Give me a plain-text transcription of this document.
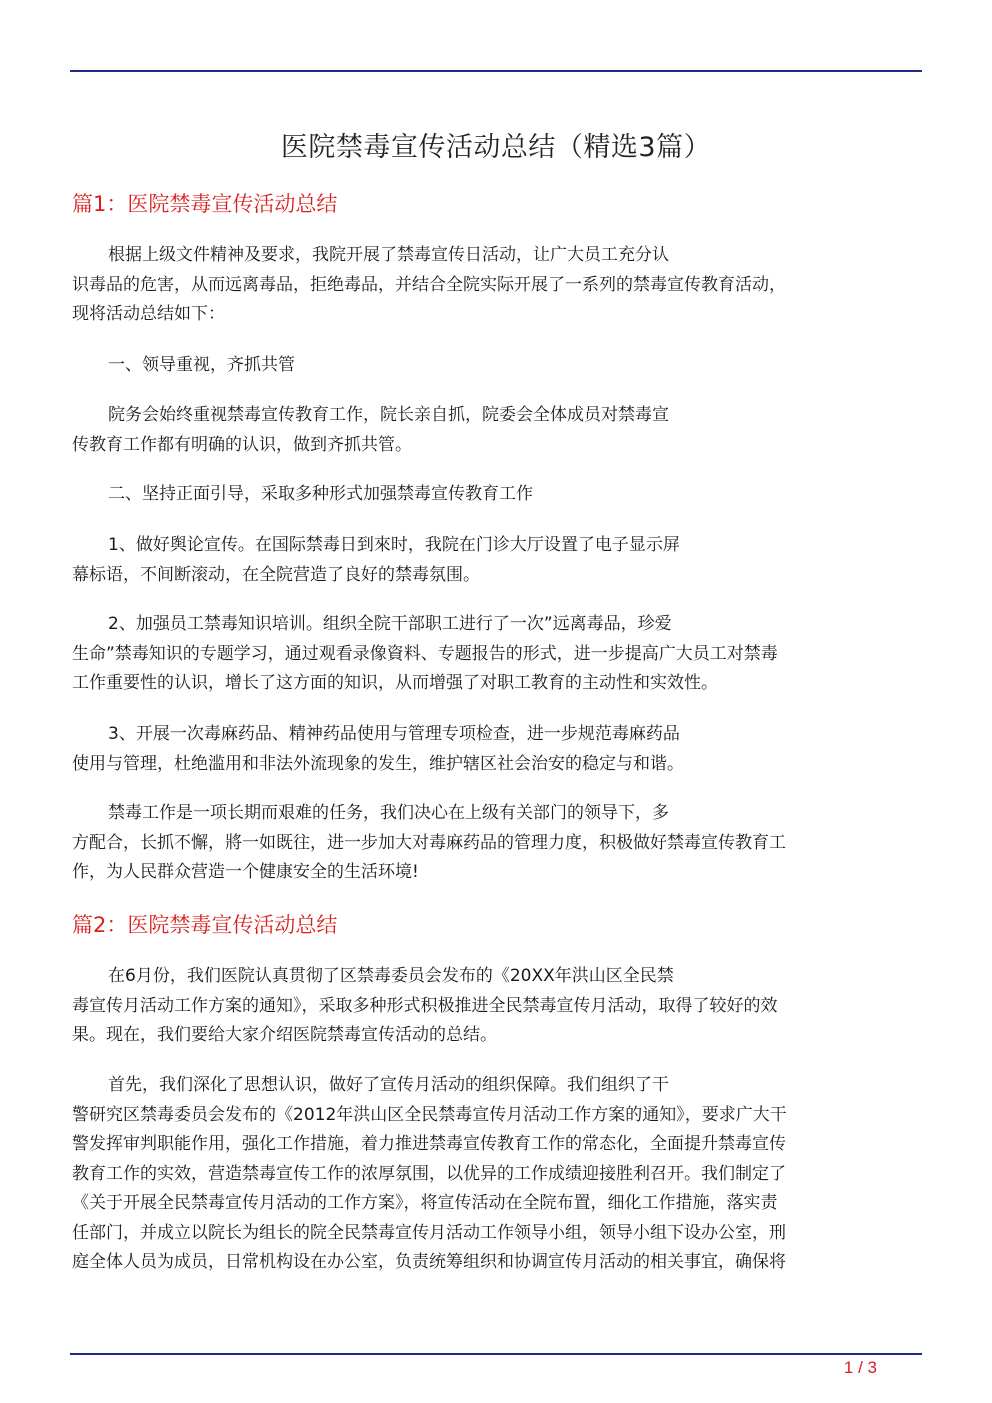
医院禁毒宣传活动总结（精选3篇）
篇1：医院禁毒宣传活动总结
根据上级文件精神及要求，我院开展了禁毒宣传日活动，让广大员工充分认
识毒品的危害，从而远离毒品，拒绝毒品，并结合全院实际开展了一系列的禁毒宣传教育活动，
现将活动总结如下：
一、领导重视，齐抓共管
院务会始终重视禁毒宣传教育工作，院长亲自抓，院委会全体成员对禁毒宣
传教育工作都有明确的认识，做到齐抓共管。
二、坚持正面引导，采取多种形式加强禁毒宣传教育工作
1、做好舆论宣传。在国际禁毒日到來时，我院在门诊大厅设置了电子显示屏
幕标语，不间断滚动，在全院营造了良好的禁毒氛围。
2、加强员工禁毒知识培训。组织全院干部职工进行了一次”远离毒品，珍爱
生命”禁毒知识的专题学习，通过观看录像資料、专题报告的形式，进一步提高广大员工对禁毒
工作重要性的认识，增长了这方面的知识，从而增强了对职工教育的主动性和实效性。
3、开展一次毒麻药品、精神药品使用与管理专项检查，进一步规范毒麻药品
使用与管理，杜绝滥用和非法外流现象的发生，维护辖区社会治安的稳定与和谐。
禁毒工作是一项长期而艰难的任务，我们决心在上级有关部门的领导下，多
方配合，长抓不懈，將一如既往，进一步加大对毒麻药品的管理力度，积极做好禁毒宣传教育工
作，为人民群众营造一个健康安全的生活环境!
篇2：医院禁毒宣传活动总结
在6月份，我们医院认真贯彻了区禁毒委员会发布的《20XX年洪山区全民禁
毒宣传月活动工作方案的通知》，采取多种形式积极推进全民禁毒宣传月活动，取得了较好的效
果。现在，我们要给大家介绍医院禁毒宣传活动的总结。
首先，我们深化了思想认识，做好了宣传月活动的组织保障。我们组织了干
警研究区禁毒委员会发布的《2012年洪山区全民禁毒宣传月活动工作方案的通知》，要求广大干
警发挥审判职能作用，强化工作措施，着力推进禁毒宣传教育工作的常态化，全面提升禁毒宣传
教育工作的实效，营造禁毒宣传工作的浓厚氛围，以优异的工作成绩迎接胜利召开。我们制定了
《关于开展全民禁毒宣传月活动的工作方案》，将宣传活动在全院布置，细化工作措施，落实责
任部门，并成立以院长为组长的院全民禁毒宣传月活动工作领导小组，领导小组下设办公室，刑
庭全体人员为成员，日常机构设在办公室，负责统筹组织和协调宣传月活动的相关事宜，确保将
1 / 3
